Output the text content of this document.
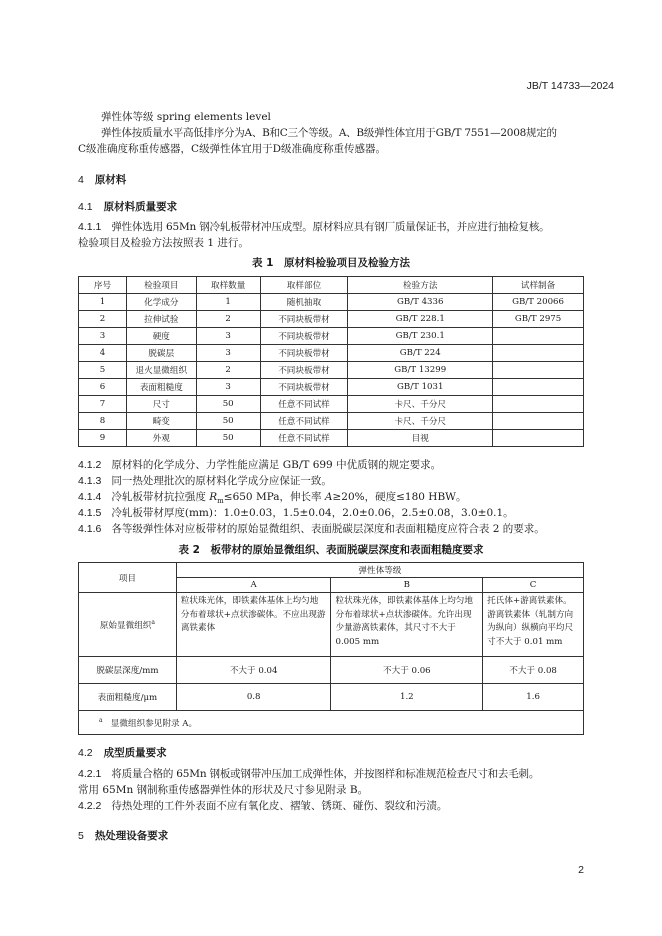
JB/T 14733—2024
弹性体等级 spring elements level
弹性体按质量水平高低排序分为A、B和C三个等级。A、B级弹性体宜用于GB/T 7551—2008规定的
C级准确度称重传感器，C级弹性体宜用于D级准确度称重传感器。
4 原材料
4.1 原材料质量要求
4.1.1 弹性体选用 65Mn 钢冷轧板带材冲压成型。原材料应具有钢厂质量保证书，并应进行抽检复核。
检验项目及检验方法按照表 1 进行。
表 1　原材料检验项目及检验方法
序号	检验项目	取样数量	取样部位	检验方法	试样制备
1	化学成分	1	随机抽取	GB/T 4336	GB/T 20066
2	拉伸试验	2	不同块板带材	GB/T 228.1	GB/T 2975
3	硬度	3	不同块板带材	GB/T 230.1	
4	脱碳层	3	不同块板带材	GB/T 224	
5	退火显微组织	2	不同块板带材	GB/T 13299	
6	表面粗糙度	3	不同块板带材	GB/T 1031	
7	尺寸	50	任意不同试样	卡尺、千分尺	
8	畸变	50	任意不同试样	卡尺、千分尺	
9	外观	50	任意不同试样	目视	
4.1.2 原材料的化学成分、力学性能应满足 GB/T 699 中优质钢的规定要求。
4.1.3 同一热处理批次的原材料化学成分应保证一致。
4.1.4 冷轧板带材抗拉强度 $R_m\le 650$ MPa，伸长率 A≥20%，硬度≤180 HBW。
4.1.5 冷轧板带材厚度(mm)：1.0±0.03，1.5±0.04，2.0±0.06，2.5±0.08，3.0±0.1。
4.1.6 各等级弹性体对应板带材的原始显微组织、表面脱碳层深度和表面粗糙度应符合表 2 的要求。
表 2　板带材的原始显微组织、表面脱碳层深度和表面粗糙度要求
项目	弹性体等级		
	A	B	C
原始显微组织$^a$	粒状珠光体，即铁素体基体上均匀地分布着球状+点状渗碳体。不应出现游离铁素体	粒状珠光体，即铁素体基体上均匀地分布着球状+点状渗碳体。允许出现少量游离铁素体，其尺寸不大于 0.005 mm	托氏体+游离铁素体。游离铁素体（轧制方向为纵向）纵横向平均尺寸不大于 0.01 mm

脱碳层深度/mm	不大于 0.04	不大于 0.06	不大于 0.08
表面粗糙度/μm	0.8	1.2	1.6
$^a$ 显微组织参见附录 A。			
4.2 成型质量要求
4.2.1 将质量合格的 65Mn 钢板或钢带冲压加工成弹性体，并按图样和标准规范检查尺寸和去毛刺。
常用 65Mn 钢制称重传感器弹性体的形状及尺寸参见附录 B。
4.2.2 待热处理的工件外表面不应有氧化皮、褶皱、锈斑、碰伤、裂纹和污渍。
5 热处理设备要求
2
